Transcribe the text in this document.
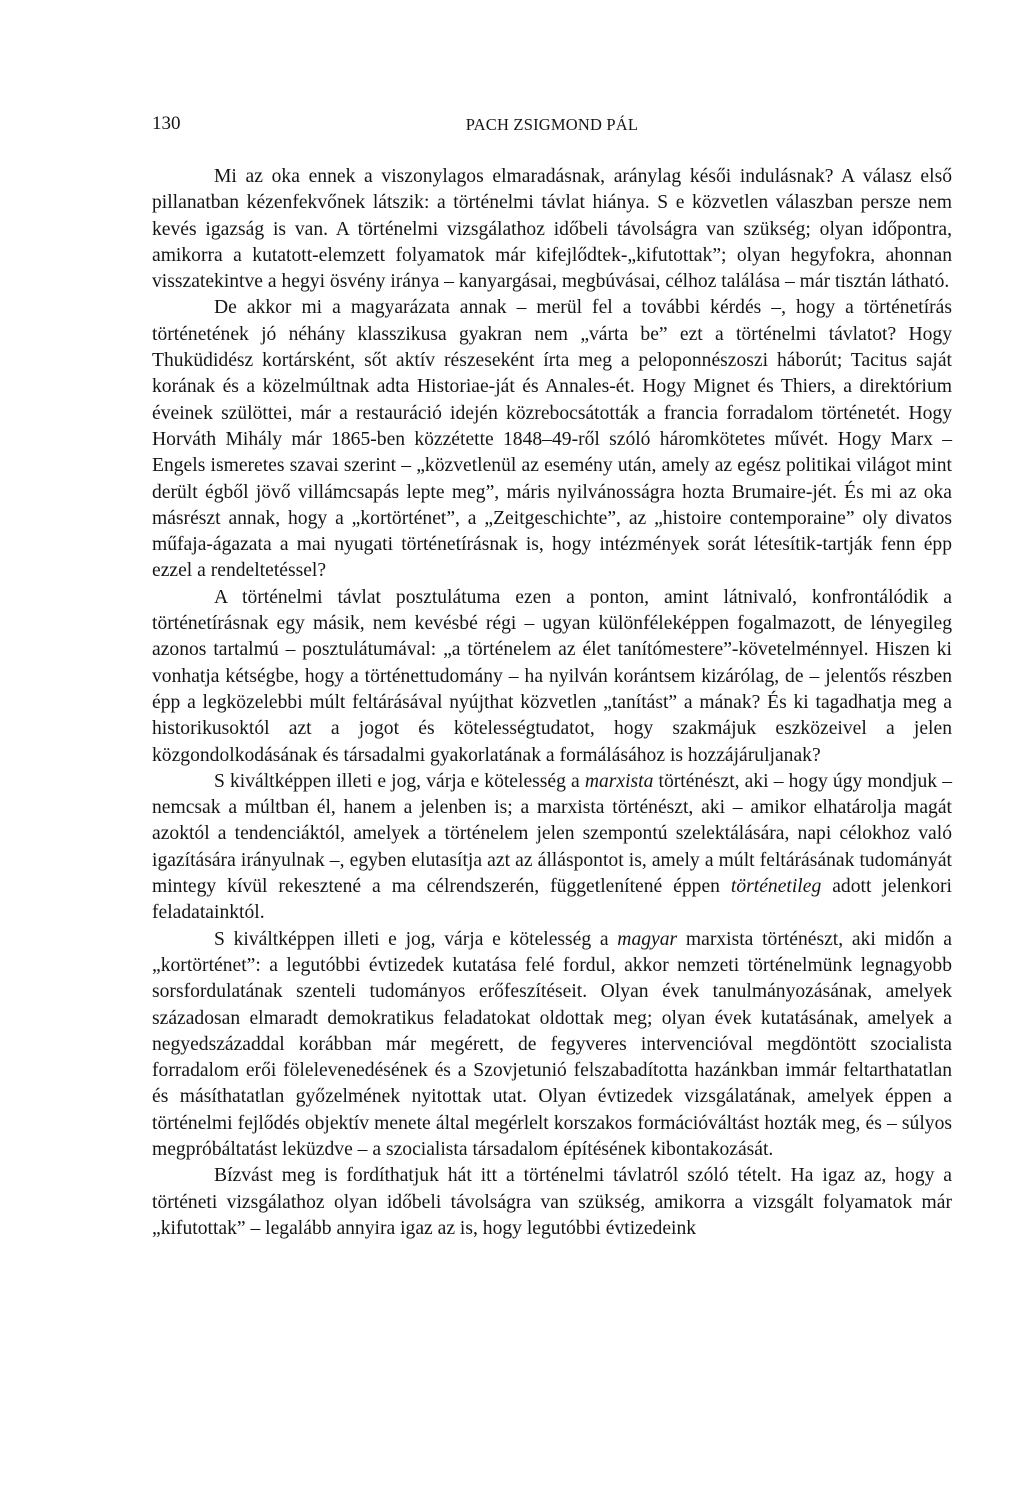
130	PACH ZSIGMOND PÁL

Mi az oka ennek a viszonylagos elmaradásnak, aránylag késői indulásnak? A válasz első pillanatban kézenfekvőnek látszik: a történelmi távlat hiánya. S e közvetlen válaszban persze nem kevés igazság is van. A történelmi vizsgálathoz időbeli távolságra van szükség; olyan időpontra, amikorra a kutatott-elemzett folyamatok már kifejlődtek-„kifutottak”; olyan hegyfokra, ahonnan visszatekintve a hegyi ösvény iránya – kanyargásai, megbúvásai, célhoz találása – már tisztán látható.

De akkor mi a magyarázata annak – merül fel a további kérdés –, hogy a történetírás történetének jó néhány klasszikusa gyakran nem „várta be” ezt a történelmi távlatot? Hogy Thuküdidész kortársként, sőt aktív részeseként írta meg a peloponnészoszi háborút; Tacitus saját korának és a közelmúltnak adta Historiae-ját és Annales-ét. Hogy Mignet és Thiers, a direktórium éveinek szülöttei, már a restauráció idején közrebocsátották a francia forradalom történetét. Hogy Horváth Mihály már 1865-ben közzétette 1848–49-ről szóló háromkötetes művét. Hogy Marx – Engels ismeretes szavai szerint – „közvetlenül az esemény után, amely az egész politikai világot mint derült égből jövő villámcsapás lepte meg”, máris nyilvánosságra hozta Brumaire-jét. És mi az oka másrészt annak, hogy a „kortörténet”, a „Zeitgeschichte”, az „histoire contemporaine” oly divatos műfaja-ágazata a mai nyugati történetírásnak is, hogy intézmények sorát létesítik-tartják fenn épp ezzel a rendeltetéssel?

A történelmi távlat posztulátuma ezen a ponton, amint látnivaló, konfrontálódik a történetírásnak egy másik, nem kevésbé régi – ugyan különféleképpen fogalmazott, de lényegileg azonos tartalmú – posztulátumával: „a történelem az élet tanítómestere”-követelménnyel. Hiszen ki vonhatja kétségbe, hogy a történettudomány – ha nyilván korántsem kizárólag, de – jelentős részben épp a legközelebbi múlt feltárásával nyújthat közvetlen „tanítást” a mának? És ki tagadhatja meg a historikusoktól azt a jogot és kötelességtudatot, hogy szakmájuk eszközeivel a jelen közgondolkodásának és társadalmi gyakorlatának a formálásához is hozzájáruljanak?

S kiváltképpen illeti e jog, várja e kötelesség a marxista történészt, aki – hogy úgy mondjuk – nemcsak a múltban él, hanem a jelenben is; a marxista történészt, aki – amikor elhatárolja magát azoktól a tendenciáktól, amelyek a történelem jelen szempontú szelektálására, napi célokhoz való igazítására irányulnak –, egyben elutasítja azt az álláspontot is, amely a múlt feltárásának tudományát mintegy kívül rekesztené a ma célrendszerén, függetlenítené éppen történetileg adott jelenkori feladatainktól.

S kiváltképpen illeti e jog, várja e kötelesség a magyar marxista történészt, aki midőn a „kortörténet”: a legutóbbi évtizedek kutatása felé fordul, akkor nemzeti történelmünk legnagyobb sorsfordulatának szenteli tudományos erőfeszítéseit. Olyan évek tanulmányozásának, amelyek századosan elmaradt demokratikus feladatokat oldottak meg; olyan évek kutatásának, amelyek a negyedszázaddal korábban már megérett, de fegyveres intervencióval megdöntött szocialista forradalom erői fölelevenedésének és a Szovjetunió felszabadította hazánkban immár feltarthatatlan és másíthatatlan győzelmének nyitottak utat. Olyan évtizedek vizsgálatának, amelyek éppen a történelmi fejlődés objektív menete által megérlelt korszakos formációváltást hozták meg, és – súlyos megpróbáltatást leküzdve – a szocialista társadalom építésének kibontakozását.

Bízvást meg is fordíthatjuk hát itt a történelmi távlatról szóló tételt. Ha igaz az, hogy a történeti vizsgálathoz olyan időbeli távolságra van szükség, amikorra a vizsgált folyamatok már „kifutottak” – legalább annyira igaz az is, hogy legutóbbi évtizedeink
